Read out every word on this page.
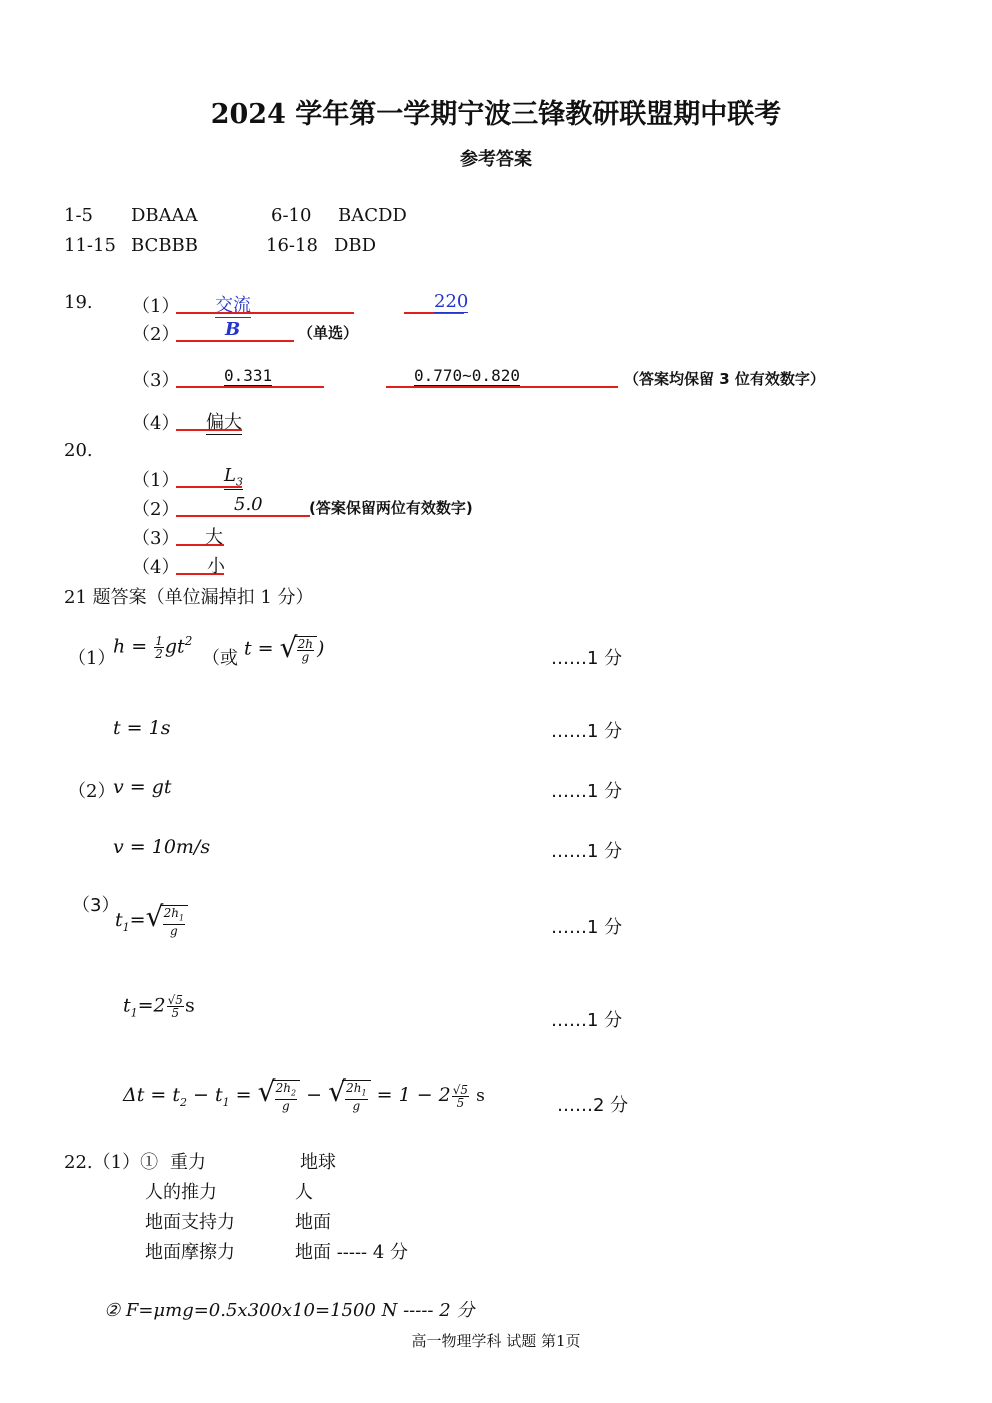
2024 学年第一学期宁波三锋教研联盟期中联考
参考答案
1-5 DBAAA	6-10 BACDD
11-15 BCBBB	16-18 DBD
19. （1） 交流	220
（2）	B	（单选）
（3）	0.331	0.770~0.820	（答案均保留 3 位有效数字）
（4） 偏大
20.
（1） $L_3$
（2）	5.0	(答案保留两位有效数字)
（3） 大
（4） 小
21 题答案（单位漏掉扣 1 分）
（1）
$h = \frac{1}{2} gt^2$
（或 t = √ $\frac{2h}{g}$ )	……1 分
t = 1s	……1 分
（2）
v = gt	……1 分
v = 10m/s	……1 分
（3）
$t_1=$ √ $\frac{2h_1}{g}$	……1 分
$t_1=2 \frac{√5}{5}$ s
……1 分
$\Delta t = t_2 - t_1$ = √ $\frac{2h_2}{g}$ − √ $\frac{2h_1}{g} = 1 - 2 \frac{√5}{5}$ s	……2 分
22.（1）① 重力	地球
人的推力	人
地面支持力	地面
地面摩擦力	地面 ----- 4 分
② F=μmg=0.5x300x10=1500 N ----- 2 分
高一物理学科 试题 第1页
